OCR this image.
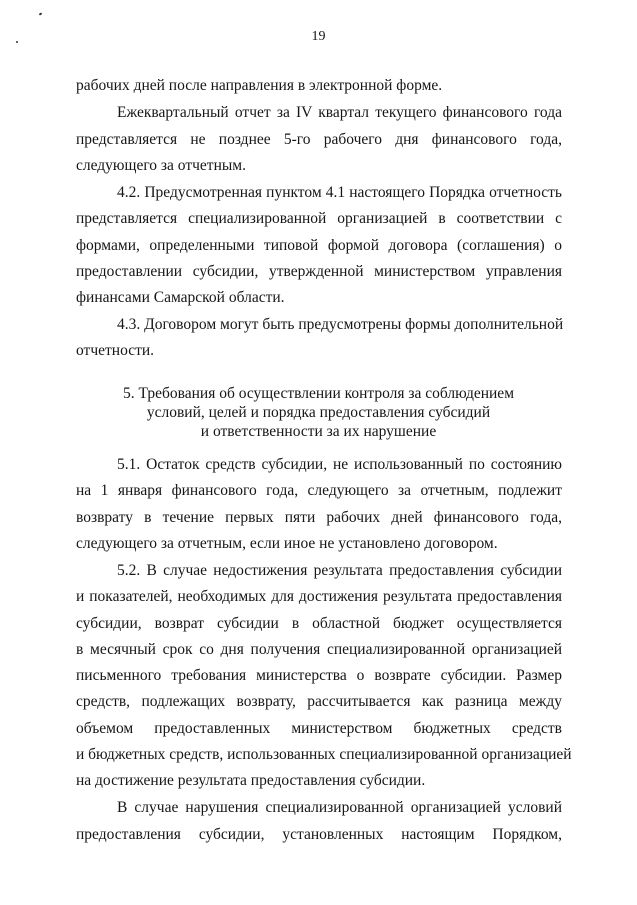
19
рабочих дней после направления в электронной форме.
Ежеквартальный отчет за IV квартал текущего финансового года
представляется не позднее 5-го рабочего дня финансового года,
следующего за отчетным.
4.2. Предусмотренная пунктом 4.1 настоящего Порядка отчетность
представляется специализированной организацией в соответствии с
формами, определенными типовой формой договора (соглашения) о
предоставлении субсидии, утвержденной министерством управления
финансами Самарской области.
4.3. Договором могут быть предусмотрены формы дополнительной
отчетности.
5. Требования об осуществлении контроля за соблюдением
условий, целей и порядка предоставления субсидий
и ответственности за их нарушение
5.1. Остаток средств субсидии, не использованный по состоянию
на 1 января финансового года, следующего за отчетным, подлежит
возврату в течение первых пяти рабочих дней финансового года,
следующего за отчетным, если иное не установлено договором.
5.2. В случае недостижения результата предоставления субсидии
и показателей, необходимых для достижения результата предоставления
субсидии, возврат субсидии в областной бюджет осуществляется
в месячный срок со дня получения специализированной организацией
письменного требования министерства о возврате субсидии. Размер
средств, подлежащих возврату, рассчитывается как разница между
объемом предоставленных министерством бюджетных средств
и бюджетных средств, использованных специализированной организацией
на достижение результата предоставления субсидии.
В случае нарушения специализированной организацией условий
предоставления субсидии, установленных настоящим Порядком,
